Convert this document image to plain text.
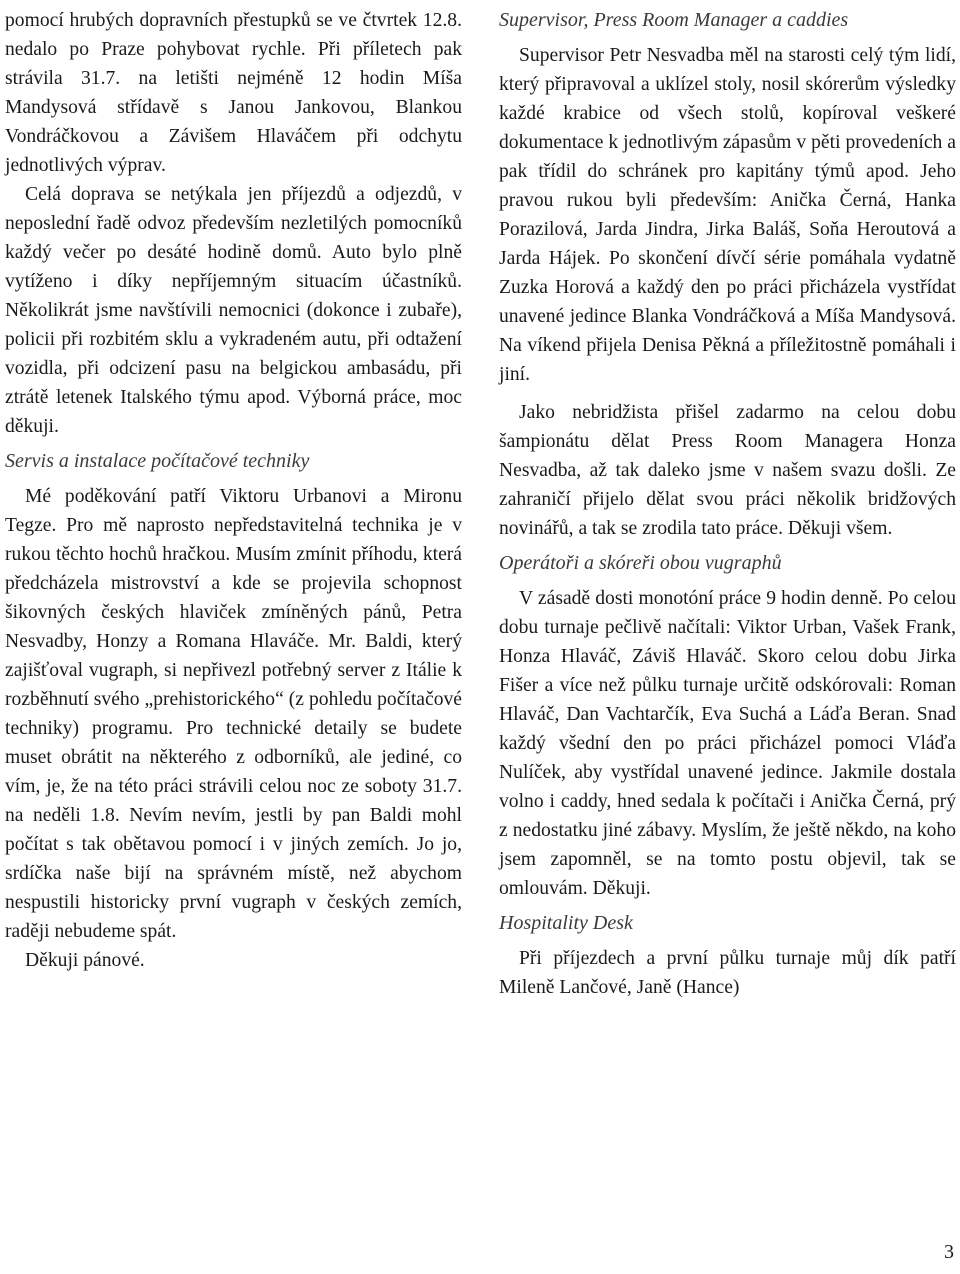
pomocí hrubých dopravních přestupků se ve čtvrtek 12.8. nedalo po Praze pohybovat rychle. Při příletech pak strávila 31.7. na letišti nejméně 12 hodin Míša Mandysová střídavě s Janou Jankovou, Blankou Vondráčkovou a Závišem Hlaváčem při odchytu jednotlivých výprav.

Celá doprava se netýkala jen příjezdů a odjezdů, v neposlední řadě odvoz především nezletilých pomocníků každý večer po desáté hodině domů. Auto bylo plně vytíženo i díky nepříjemným situacím účastníků. Několikrát jsme navštívili nemocnici (dokonce i zubaře), policii při rozbitém sklu a vykradeném autu, při odtažení vozidla, při odcizení pasu na belgickou ambasádu, při ztrátě letenek Italského týmu apod. Výborná práce, moc děkuji.

Servis a instalace počítačové techniky

Mé poděkování patří Viktoru Urbanovi a Mironu Tegze. Pro mě naprosto nepředstavitelná technika je v rukou těchto hochů hračkou. Musím zmínit příhodu, která předcházela mistrovství a kde se projevila schopnost šikovných českých hlaviček zmíněných pánů, Petra Nesvadby, Honzy a Romana Hlaváče. Mr. Baldi, který zajišťoval vugraph, si nepřivezl potřebný server z Itálie k rozběhnutí svého „prehistorického“ (z pohledu počítačové techniky) programu. Pro technické detaily se budete muset obrátit na některého z odborníků, ale jediné, co vím, je, že na této práci strávili celou noc ze soboty 31.7. na neděli 1.8. Nevím nevím, jestli by pan Baldi mohl počítat s tak obětavou pomocí i v jiných zemích. Jo jo, srdíčka naše bijí na správném místě, než abychom nespustili historicky první vugraph v českých zemích, raději nebudeme spát.

Děkuji pánové.

Supervisor, Press Room Manager a caddies

Supervisor Petr Nesvadba měl na starosti celý tým lidí, který připravoval a uklízel stoly, nosil skórerům výsledky každé krabice od všech stolů, kopíroval veškeré dokumentace k jednotlivým zápasům v pěti provedeních a pak třídil do schránek pro kapitány týmů apod. Jeho pravou rukou byli především: Anička Černá, Hanka Porazilová, Jarda Jindra, Jirka Baláš, Soňa Heroutová a Jarda Hájek. Po skončení dívčí série pomáhala vydatně Zuzka Horová a každý den po práci přicházela vystřídat unavené jedince Blanka Vondráčková a Míša Mandysová. Na víkend přijela Denisa Pěkná a příležitostně pomáhali i jiní.

Jako nebridžista přišel zadarmo na celou dobu šampionátu dělat Press Room Managera Honza Nesvadba, až tak daleko jsme v našem svazu došli. Ze zahraničí přijelo dělat svou práci několik bridžových novinářů, a tak se zrodila tato práce. Děkuji všem.

Operátoři a skóreři obou vugraphů

V zásadě dosti monotóní práce 9 hodin denně. Po celou dobu turnaje pečlivě načítali: Viktor Urban, Vašek Frank, Honza Hlaváč, Záviš Hlaváč. Skoro celou dobu Jirka Fišer a více než půlku turnaje určitě odskórovali: Roman Hlaváč, Dan Vachtarčík, Eva Suchá a Láďa Beran. Snad každý všední den po práci přicházel pomoci Vláďa Nulíček, aby vystřídal unavené jedince. Jakmile dostala volno i caddy, hned sedala k počítači i Anička Černá, prý z nedostatku jiné zábavy. Myslím, že ještě někdo, na koho jsem zapomněl, se na tomto postu objevil, tak se omlouvám. Děkuji.

Hospitality Desk

Při příjezdech a první půlku turnaje můj dík patří Mileně Lančové, Janě (Hance)

3
